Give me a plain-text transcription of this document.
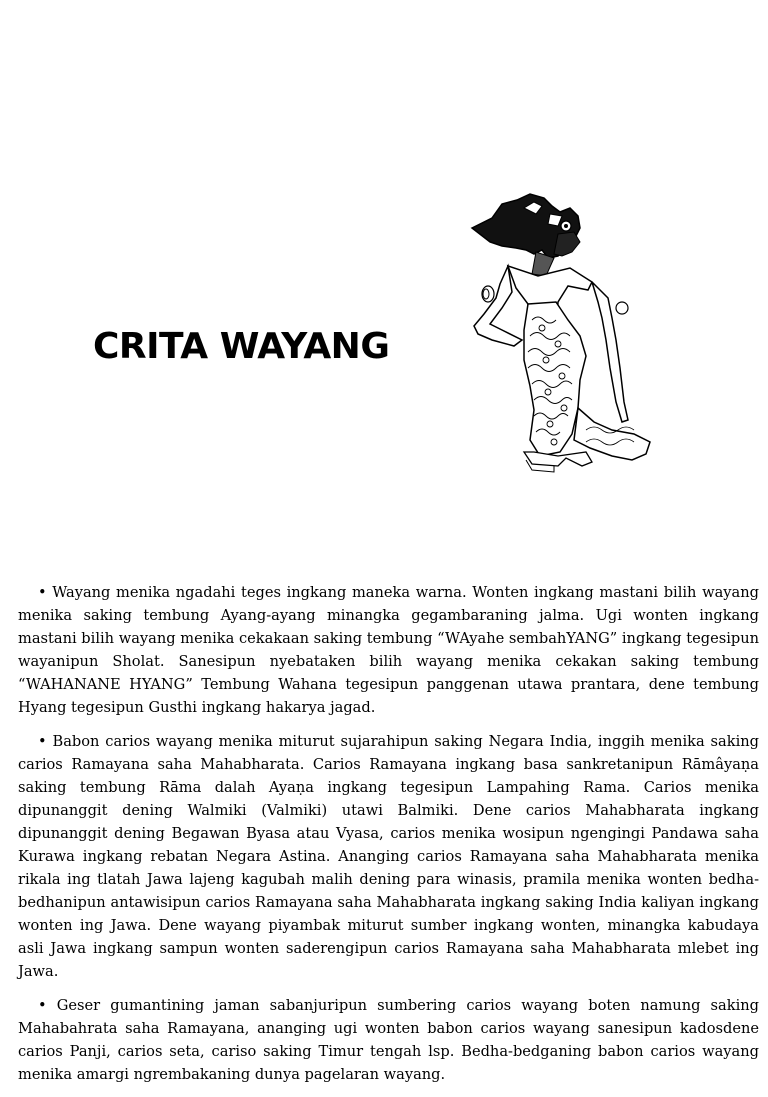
CRITA WAYANG

• Wayang menika ngadahi teges ingkang maneka warna. Wonten ingkang mastani bilih wayang menika saking tembung Ayang-ayang minangka gegambaraning jalma. Ugi wonten ingkang mastani bilih wayang menika cekakaan saking tembung “WAyahe sembahYANG” ingkang tegesipun wayanipun Sholat. Sanesipun nyebataken bilih wayang menika cekakan saking tembung “WAHANANE HYANG” Tembung Wahana tegesipun panggenan utawa prantara, dene tembung Hyang tegesipun Gusthi ingkang hakarya jagad.

• Babon carios wayang menika miturut sujarahipun saking Negara India, inggih menika saking carios Ramayana saha Mahabharata. Carios Ramayana ingkang basa sankretanipun Rāmâyaṇa saking tembung Rāma dalah Ayaṇa ingkang tegesipun Lampahing Rama. Carios menika dipunanggit dening Walmiki (Valmiki) utawi Balmiki. Dene carios Mahabharata ingkang dipunanggit dening Begawan Byasa atau Vyasa, carios menika wosipun ngengingi Pandawa saha Kurawa ingkang rebatan Negara Astina. Ananging carios Ramayana saha Mahabharata menika rikala ing tlatah Jawa lajeng kagubah malih dening para winasis, pramila menika wonten bedha-bedhanipun antawisipun carios Ramayana saha Mahabharata ingkang saking India kaliyan ingkang wonten ing Jawa. Dene wayang piyambak miturut sumber ingkang wonten, minangka kabudaya asli Jawa ingkang sampun wonten saderengipun carios Ramayana saha Mahabharata mlebet ing Jawa.

• Geser gumantining jaman sabanjuripun sumbering carios wayang boten namung saking Mahabahrata saha Ramayana, ananging ugi wonten babon carios wayang sanesipun kadosdene carios Panji, carios seta, cariso saking Timur tengah lsp. Bedha-bedganing babon carios wayang menika amargi ngrembakaning dunya pagelaran wayang.
